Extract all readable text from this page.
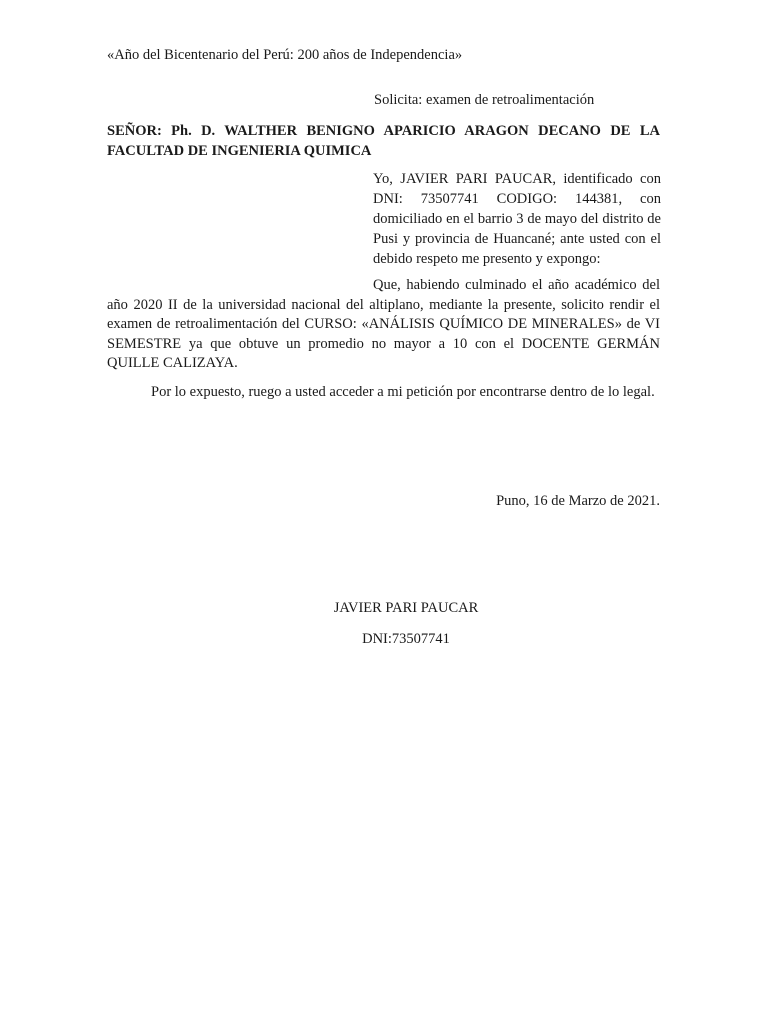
«Año del Bicentenario del Perú: 200 años de Independencia»
Solicita: examen de retroalimentación
SEÑOR: Ph. D. WALTHER BENIGNO APARICIO ARAGON DECANO DE LA FACULTAD DE INGENIERIA QUIMICA
Yo, JAVIER PARI PAUCAR, identificado con DNI: 73507741 CODIGO: 144381, con domiciliado en el barrio 3 de mayo del distrito de Pusi y provincia de Huancané; ante usted con el debido respeto me presento y expongo:
Que, habiendo culminado el año académico del año 2020 II de la universidad nacional del altiplano, mediante la presente, solicito rendir el examen de retroalimentación del CURSO: «ANÁLISIS QUÍMICO DE MINERALES» de VI SEMESTRE ya que obtuve un promedio no mayor a 10 con el DOCENTE GERMÁN QUILLE CALIZAYA.
Por lo expuesto, ruego a usted acceder a mi petición por encontrarse dentro de lo legal.
Puno, 16 de Marzo de 2021.
JAVIER PARI PAUCAR
DNI:73507741
